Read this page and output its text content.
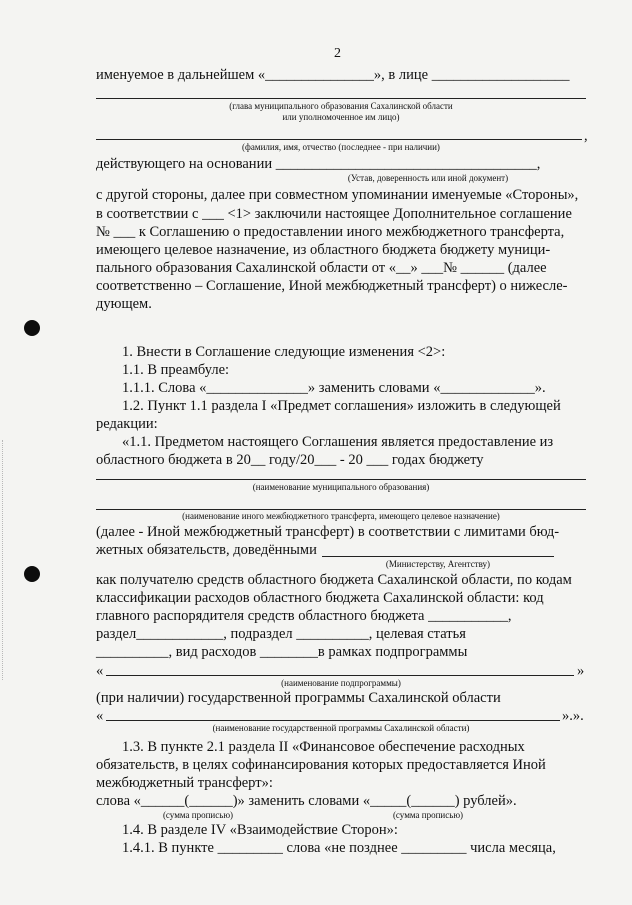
2
именуемое в дальнейшем «_______________», в лице ___________________
(глава муниципального образования Сахалинской области
или уполномоченное им лицо)
,
(фамилия, имя, отчество (последнее - при наличии)
действующего на основании ____________________________________,
(Устав, доверенность или иной документ)
с другой стороны, далее при совместном упоминании именуемые «Стороны»,
в соответствии с ___ <1> заключили настоящее Дополнительное соглашение
№ ___ к Соглашению о предоставлении иного межбюджетного трансферта,
имеющего целевое назначение, из областного бюджета бюджету муници-
пального образования Сахалинской области от «__» ___№ ______ (далее
соответственно – Соглашение, Иной межбюджетный трансферт) о нижесле-
дующем.
1. Внести в Соглашение следующие изменения <2>:
1.1. В преамбуле:
1.1.1. Слова «______________» заменить словами «_____________».
1.2. Пункт 1.1 раздела I «Предмет соглашения» изложить в следующей
редакции:
«1.1. Предметом настоящего Соглашения является предоставление из
областного бюджета в 20__ году/20___ - 20 ___ годах бюджету
(наименование муниципального образования)
(наименование иного межбюджетного трансферта, имеющего целевое назначение)
(далее - Иной межбюджетный трансферт) в соответствии с лимитами бюд-
жетных обязательств, доведёнными
(Министерству, Агентству)
как получателю средств областного бюджета Сахалинской области, по кодам
классификации расходов областного бюджета Сахалинской области: код
главного распорядителя средств областного бюджета ___________,
раздел____________, подраздел __________, целевая статья
__________, вид расходов ________в рамках подпрограммы
«	»
(наименование подпрограммы)
(при наличии) государственной программы Сахалинской области
«	».».
(наименование государственной программы Сахалинской области)
1.3. В пункте 2.1 раздела II «Финансовое обеспечение расходных
обязательств, в целях софинансирования которых предоставляется Иной
межбюджетный трансферт»:
слова «______(______)» заменить словами «_____(______) рублей».
(сумма прописью)	(сумма прописью)
1.4. В разделе IV «Взаимодействие Сторон»:
1.4.1. В пункте _________ слова «не позднее _________ числа месяца,
